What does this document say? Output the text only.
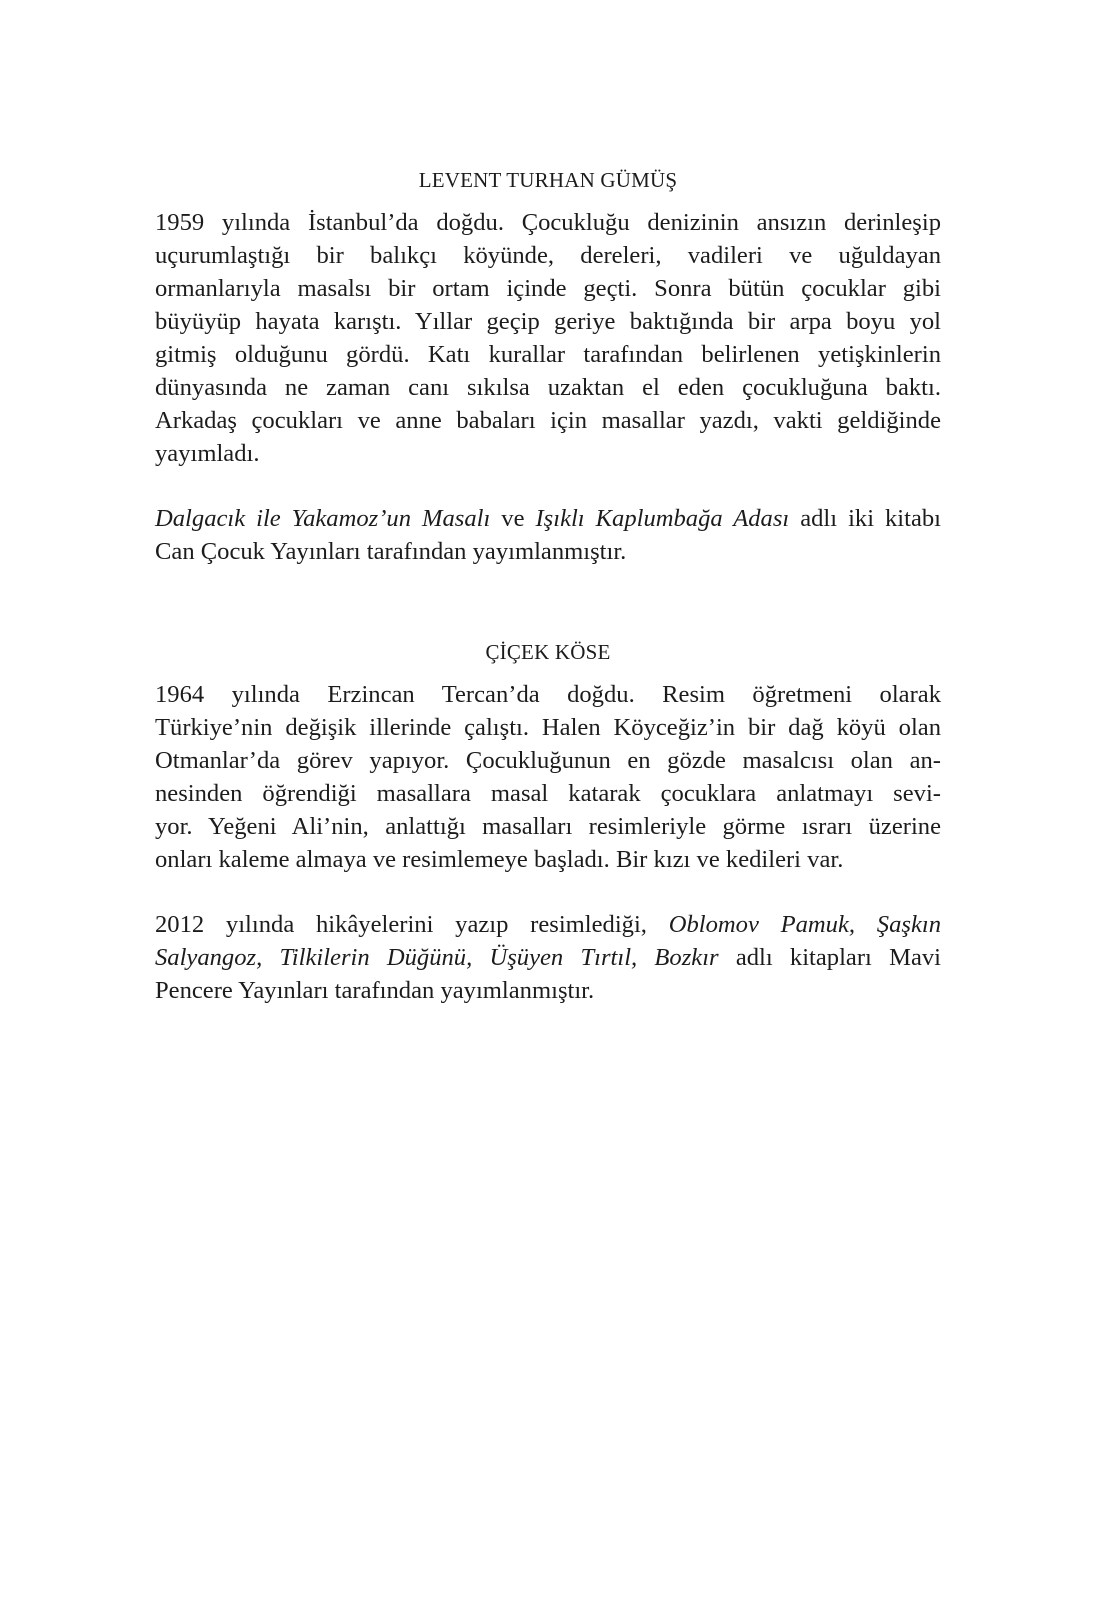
LEVENT TURHAN GÜMÜŞ

1959 yılında İstanbul’da doğdu. Çocukluğu denizinin ansızın derinleşip
uçurumlaştığı bir balıkçı köyünde, dereleri, vadileri ve uğuldayan
ormanlarıyla masalsı bir ortam içinde geçti. Sonra bütün çocuklar gibi
büyüyüp hayata karıştı. Yıllar geçip geriye baktığında bir arpa boyu yol
gitmiş olduğunu gördü. Katı kurallar tarafından belirlenen yetişkinlerin
dünyasında ne zaman canı sıkılsa uzaktan el eden çocukluğuna baktı.
Arkadaş çocukları ve anne babaları için masallar yazdı, vakti geldiğinde
yayımladı.

Dalgacık ile Yakamoz’un Masalı ve Işıklı Kaplumbağa Adası adlı iki kitabı
Can Çocuk Yayınları tarafından yayımlanmıştır.

ÇİÇEK KÖSE

1964 yılında Erzincan Tercan’da doğdu. Resim öğretmeni olarak
Türkiye’nin değişik illerinde çalıştı. Halen Köyceğiz’in bir dağ köyü olan
Otmanlar’da görev yapıyor. Çocukluğunun en gözde masalcısı olan an-
nesinden öğrendiği masallara masal katarak çocuklara anlatmayı sevi-
yor. Yeğeni Ali’nin, anlattığı masalları resimleriyle görme ısrarı üzerine
onları kaleme almaya ve resimlemeye başladı. Bir kızı ve kedileri var.

2012 yılında hikâyelerini yazıp resimlediği, Oblomov Pamuk, Şaşkın
Salyangoz, Tilkilerin Düğünü, Üşüyen Tırtıl, Bozkır adlı kitapları Mavi
Pencere Yayınları tarafından yayımlanmıştır.
